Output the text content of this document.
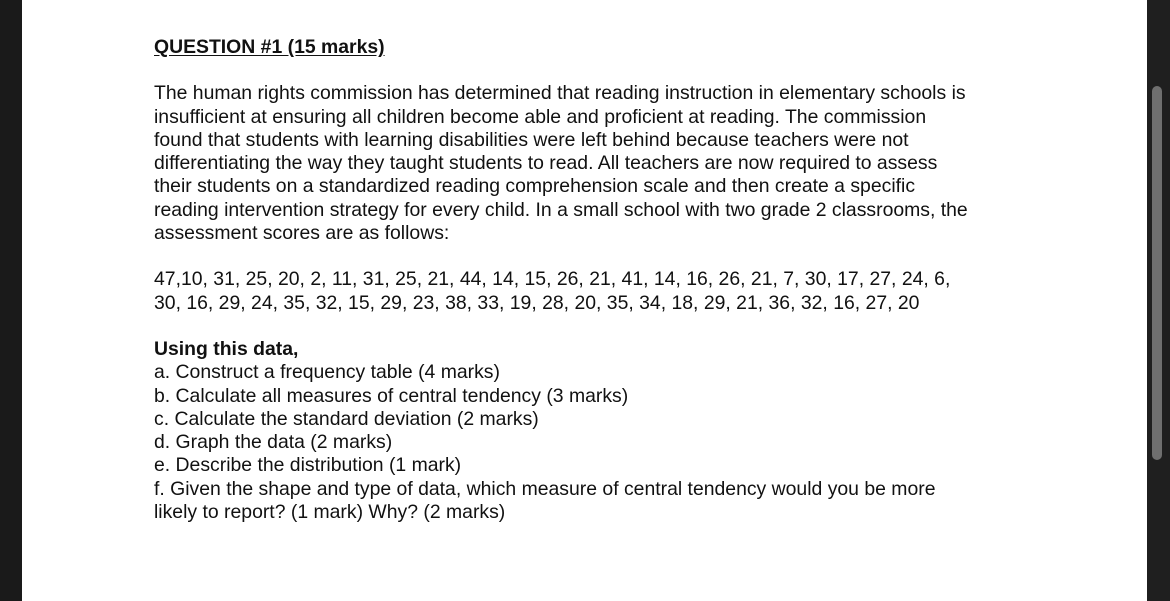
QUESTION #1 (15 marks)
The human rights commission has determined that reading instruction in elementary schools is
insufficient at ensuring all children become able and proficient at reading. The commission
found that students with learning disabilities were left behind because teachers were not
differentiating the way they taught students to read. All teachers are now required to assess
their students on a standardized reading comprehension scale and then create a specific
reading intervention strategy for every child. In a small school with two grade 2 classrooms, the
assessment scores are as follows:
47,10, 31, 25, 20, 2, 11, 31, 25, 21, 44, 14, 15, 26, 21, 41, 14, 16, 26, 21, 7, 30, 17, 27, 24, 6,
30, 16, 29, 24, 35, 32, 15, 29, 23, 38, 33, 19, 28, 20, 35, 34, 18, 29, 21, 36, 32, 16, 27, 20
Using this data,
a. Construct a frequency table (4 marks)
b. Calculate all measures of central tendency (3 marks)
c. Calculate the standard deviation (2 marks)
d. Graph the data (2 marks)
e. Describe the distribution (1 mark)
f. Given the shape and type of data, which measure of central tendency would you be more
likely to report? (1 mark) Why? (2 marks)
